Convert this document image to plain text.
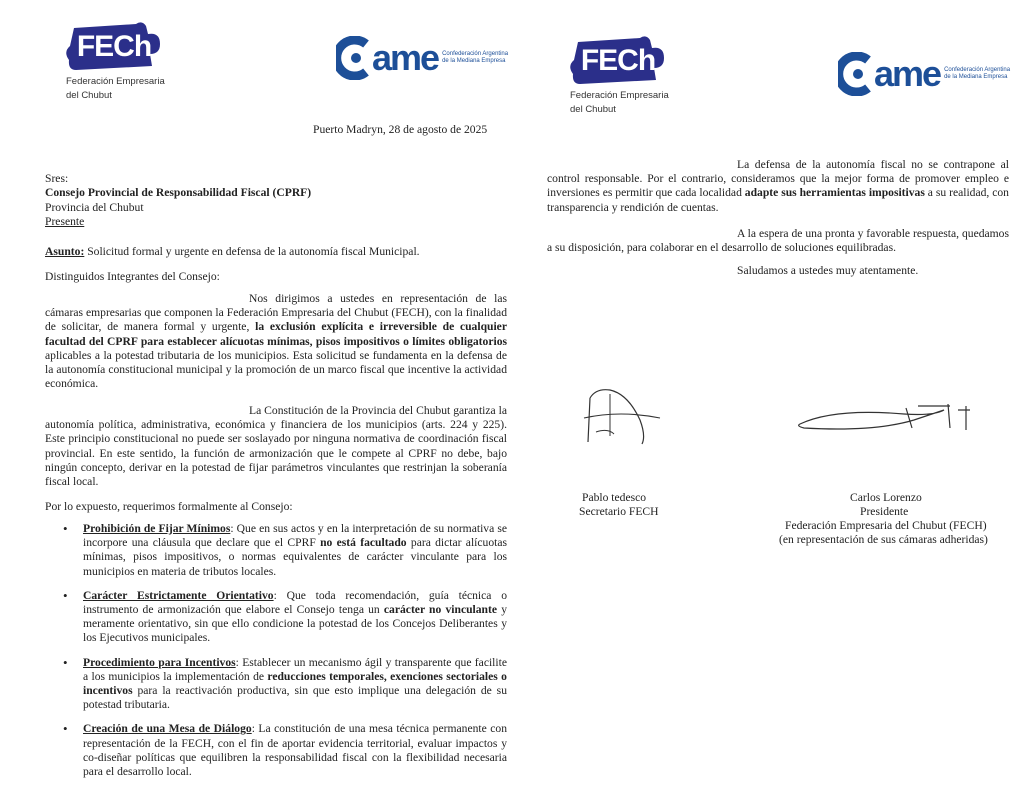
FECh
Federación Empresaria
del Chubut
ame Confederación Argentina
de la Mediana Empresa
Puerto Madryn, 28 de agosto de 2025
Sres:
Consejo Provincial de Responsabilidad Fiscal (CPRF)
Provincia del Chubut
Presente
Asunto: Solicitud formal y urgente en defensa de la autonomía fiscal Municipal.
Distinguidos Integrantes del Consejo:
Nos dirigimos a ustedes en representación de las cámaras empresarias que componen la Federación Empresaria del Chubut (FECH), con la finalidad de solicitar, de manera formal y urgente, la exclusión explícita e irreversible de cualquier facultad del CPRF para establecer alícuotas mínimas, pisos impositivos o límites obligatorios aplicables a la potestad tributaria de los municipios. Esta solicitud se fundamenta en la defensa de la autonomía constitucional municipal y la promoción de un marco fiscal que incentive la actividad económica.
La Constitución de la Provincia del Chubut garantiza la autonomía política, administrativa, económica y financiera de los municipios (arts. 224 y 225). Este principio constitucional no puede ser soslayado por ninguna normativa de coordinación fiscal provincial. En este sentido, la función de armonización que le compete al CPRF no debe, bajo ningún concepto, derivar en la potestad de fijar parámetros vinculantes que restrinjan la soberanía fiscal local.
Por lo expuesto, requerimos formalmente al Consejo:
• Prohibición de Fijar Mínimos: Que en sus actos y en la interpretación de su normativa se incorpore una cláusula que declare que el CPRF no está facultado para dictar alícuotas mínimas, pisos impositivos, o normas equivalentes de carácter vinculante para los municipios en materia de tributos locales.
• Carácter Estrictamente Orientativo: Que toda recomendación, guía técnica o instrumento de armonización que elabore el Consejo tenga un carácter no vinculante y meramente orientativo, sin que ello condicione la potestad de los Concejos Deliberantes y los Ejecutivos municipales.
• Procedimiento para Incentivos: Establecer un mecanismo ágil y transparente que facilite a los municipios la implementación de reducciones temporales, exenciones sectoriales o incentivos para la reactivación productiva, sin que esto implique una delegación de su potestad tributaria.
• Creación de una Mesa de Diálogo: La constitución de una mesa técnica permanente con representación de la FECH, con el fin de aportar evidencia territorial, evaluar impactos y co-diseñar políticas que equilibren la responsabilidad fiscal con la flexibilidad necesaria para el desarrollo local.
FECh
Federación Empresaria
del Chubut
ame Confederación Argentina
de la Mediana Empresa
La defensa de la autonomía fiscal no se contrapone al control responsable. Por el contrario, consideramos que la mejor forma de promover empleo e inversiones es permitir que cada localidad adapte sus herramientas impositivas a su realidad, con transparencia y rendición de cuentas.
A la espera de una pronta y favorable respuesta, quedamos a su disposición, para colaborar en el desarrollo de soluciones equilibradas.
Saludamos a ustedes muy atentamente.
Pablo tedesco
Secretario FECH
Carlos Lorenzo
Presidente
Federación Empresaria del Chubut (FECH)
(en representación de sus cámaras adheridas)
